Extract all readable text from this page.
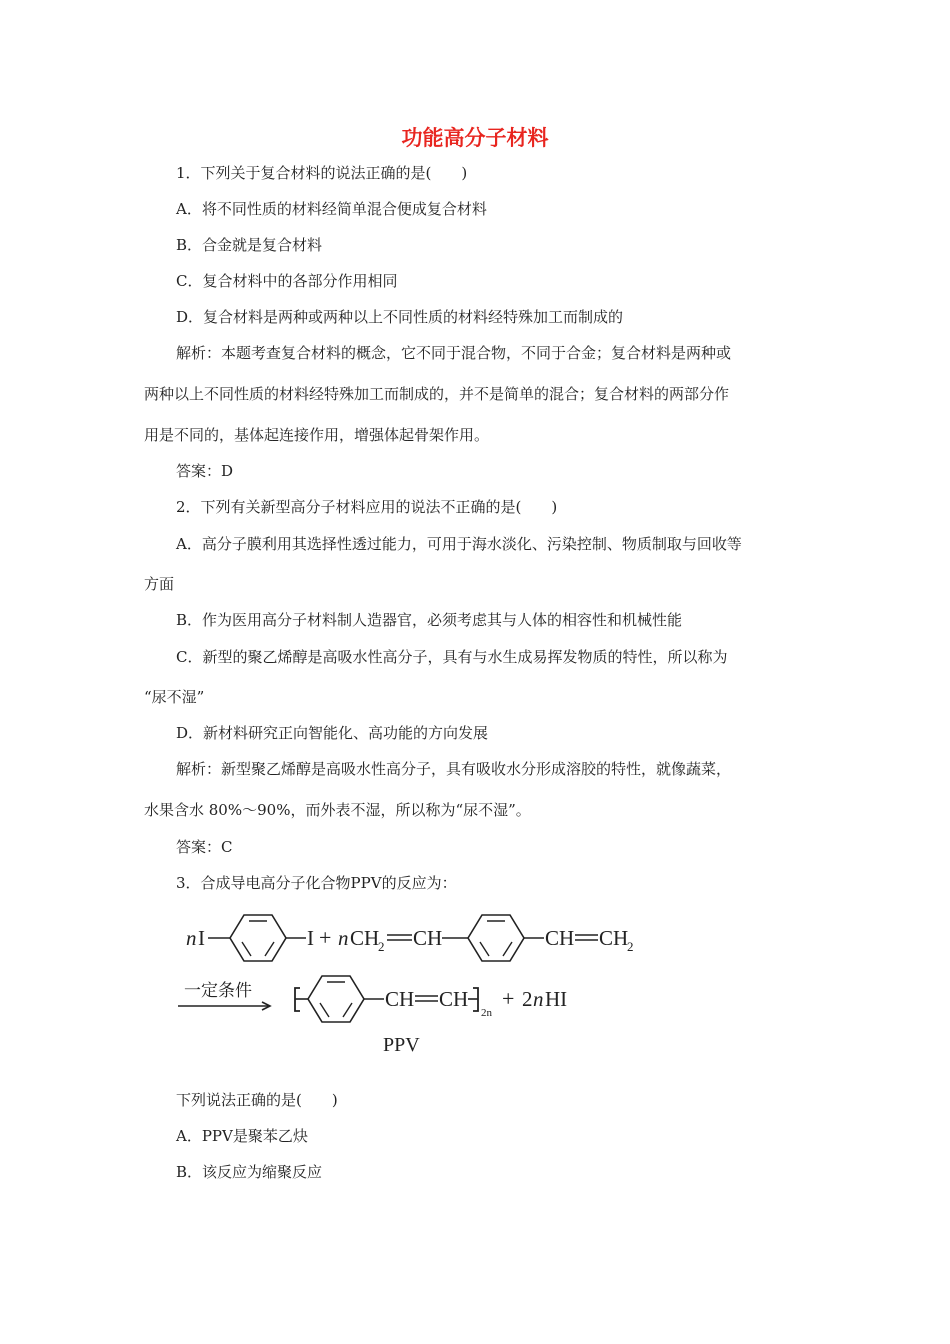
功能高分子材料
1．下列关于复合材料的说法正确的是(　　)
A．将不同性质的材料经简单混合便成复合材料
B．合金就是复合材料
C．复合材料中的各部分作用相同
D．复合材料是两种或两种以上不同性质的材料经特殊加工而制成的
解析：本题考查复合材料的概念，它不同于混合物，不同于合金；复合材料是两种或
两种以上不同性质的材料经特殊加工而制成的，并不是简单的混合；复合材料的两部分作
用是不同的，基体起连接作用，增强体起骨架作用。
答案：D
2．下列有关新型高分子材料应用的说法不正确的是(　　)
A．高分子膜利用其选择性透过能力，可用于海水淡化、污染控制、物质制取与回收等
方面
B．作为医用高分子材料制人造器官，必须考虑其与人体的相容性和机械性能
C．新型的聚乙烯醇是高吸水性高分子，具有与水生成易挥发物质的特性，所以称为
“尿不湿”
D．新材料研究正向智能化、高功能的方向发展
解析：新型聚乙烯醇是高吸水性高分子，具有吸收水分形成溶胶的特性，就像蔬菜，
水果含水 80%～90%，而外表不湿，所以称为“尿不湿”。
答案：C
3．合成导电高分子化合物PPV的反应为：
n I	I + n CH
2 CH	CH CH
2
一定条件	CH CH
2n
+ 2 n HI
PPV
下列说法正确的是(　　)
A．PPV是聚苯乙炔
B．该反应为缩聚反应
